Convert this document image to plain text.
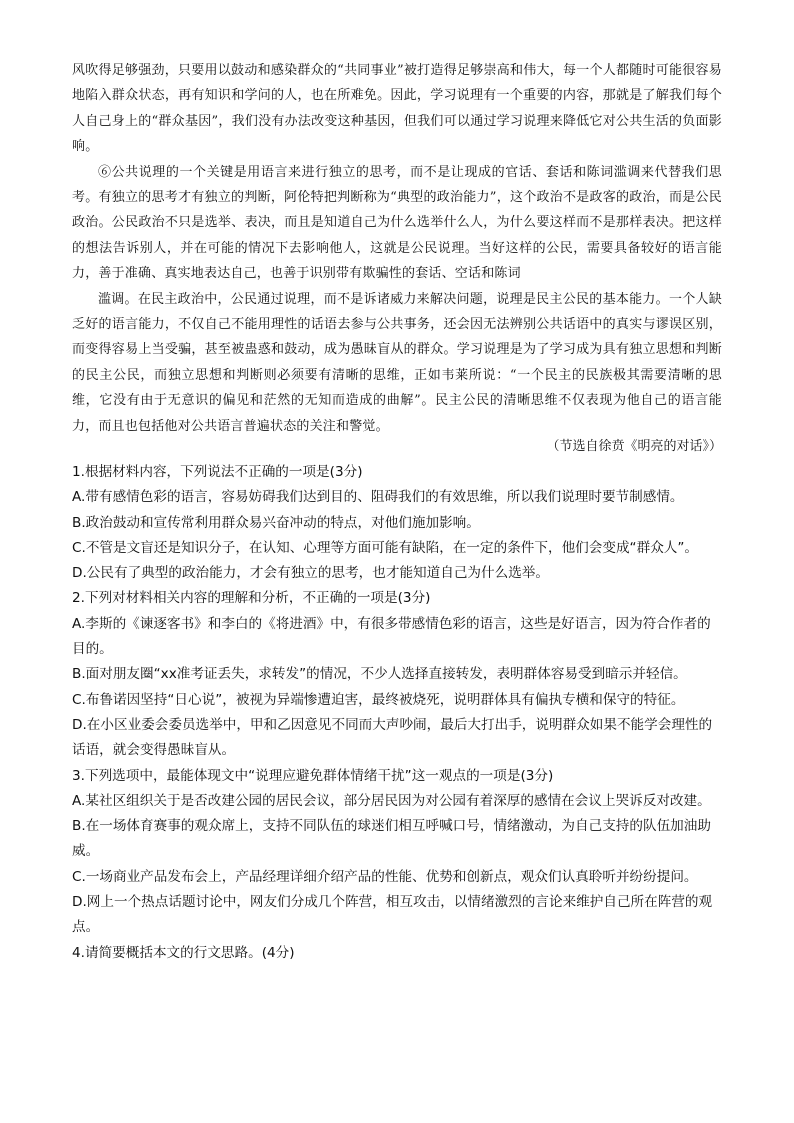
风吹得足够强劲，只要用以鼓动和感染群众的“共同事业”被打造得足够崇高和伟大，每一个人都随时可能很容易地陷入群众状态，再有知识和学问的人，也在所难免。因此，学习说理有一个重要的内容，那就是了解我们每个人自己身上的“群众基因”，我们没有办法改变这种基因，但我们可以通过学习说理来降低它对公共生活的负面影响。

⑥公共说理的一个关键是用语言来进行独立的思考，而不是让现成的官话、套话和陈词滥调来代替我们思考。有独立的思考才有独立的判断，阿伦特把判断称为“典型的政治能力”，这个政治不是政客的政治，而是公民政治。公民政治不只是选举、表决，而且是知道自己为什么选举什么人，为什么要这样而不是那样表决。把这样的想法告诉别人，并在可能的情况下去影响他人，这就是公民说理。当好这样的公民，需要具备较好的语言能力，善于准确、真实地表达自己，也善于识别带有欺骗性的套话、空话和陈词

滥调。在民主政治中，公民通过说理，而不是诉诸威力来解决问题，说理是民主公民的基本能力。一个人缺乏好的语言能力，不仅自己不能用理性的话语去参与公共事务，还会因无法辨别公共话语中的真实与谬误区别，而变得容易上当受骗，甚至被蛊惑和鼓动，成为愚昧盲从的群众。学习说理是为了学习成为具有独立思想和判断的民主公民，而独立思想和判断则必须要有清晰的思维，正如韦莱所说：“一个民主的民族极其需要清晰的思维，它没有由于无意识的偏见和茫然的无知而造成的曲解”。民主公民的清晰思维不仅表现为他自己的语言能力，而且也包括他对公共语言普遍状态的关注和警觉。

（节选自徐贲《明亮的对话》）
1.根据材料内容，下列说法不正确的一项是(3分)
A.带有感情色彩的语言，容易妨碍我们达到目的、阻碍我们的有效思维，所以我们说理时要节制感情。
B.政治鼓动和宣传常利用群众易兴奋冲动的特点，对他们施加影响。
C.不管是文盲还是知识分子，在认知、心理等方面可能有缺陷，在一定的条件下，他们会变成“群众人”。
D.公民有了典型的政治能力，才会有独立的思考，也才能知道自己为什么选举。
2.下列对材料相关内容的理解和分析，不正确的一项是(3分)
A.李斯的《谏逐客书》和李白的《将进酒》中，有很多带感情色彩的语言，这些是好语言，因为符合作者的目的。
B.面对朋友圈“xx准考证丢失，求转发”的情况，不少人选择直接转发，表明群体容易受到暗示并轻信。
C.布鲁诺因坚持“日心说”，被视为异端惨遭迫害，最终被烧死，说明群体具有偏执专横和保守的特征。
D.在小区业委会委员选举中，甲和乙因意见不同而大声吵闹，最后大打出手，说明群众如果不能学会理性的话语，就会变得愚昧盲从。
3.下列选项中，最能体现文中“说理应避免群体情绪干扰”这一观点的一项是(3分)
A.某社区组织关于是否改建公园的居民会议，部分居民因为对公园有着深厚的感情在会议上哭诉反对改建。
B.在一场体育赛事的观众席上，支持不同队伍的球迷们相互呼喊口号，情绪激动，为自己支持的队伍加油助威。
C.一场商业产品发布会上，产品经理详细介绍产品的性能、优势和创新点，观众们认真聆听并纷纷提问。
D.网上一个热点话题讨论中，网友们分成几个阵营，相互攻击，以情绪激烈的言论来维护自己所在阵营的观点。
4.请简要概括本文的行文思路。(4分)
